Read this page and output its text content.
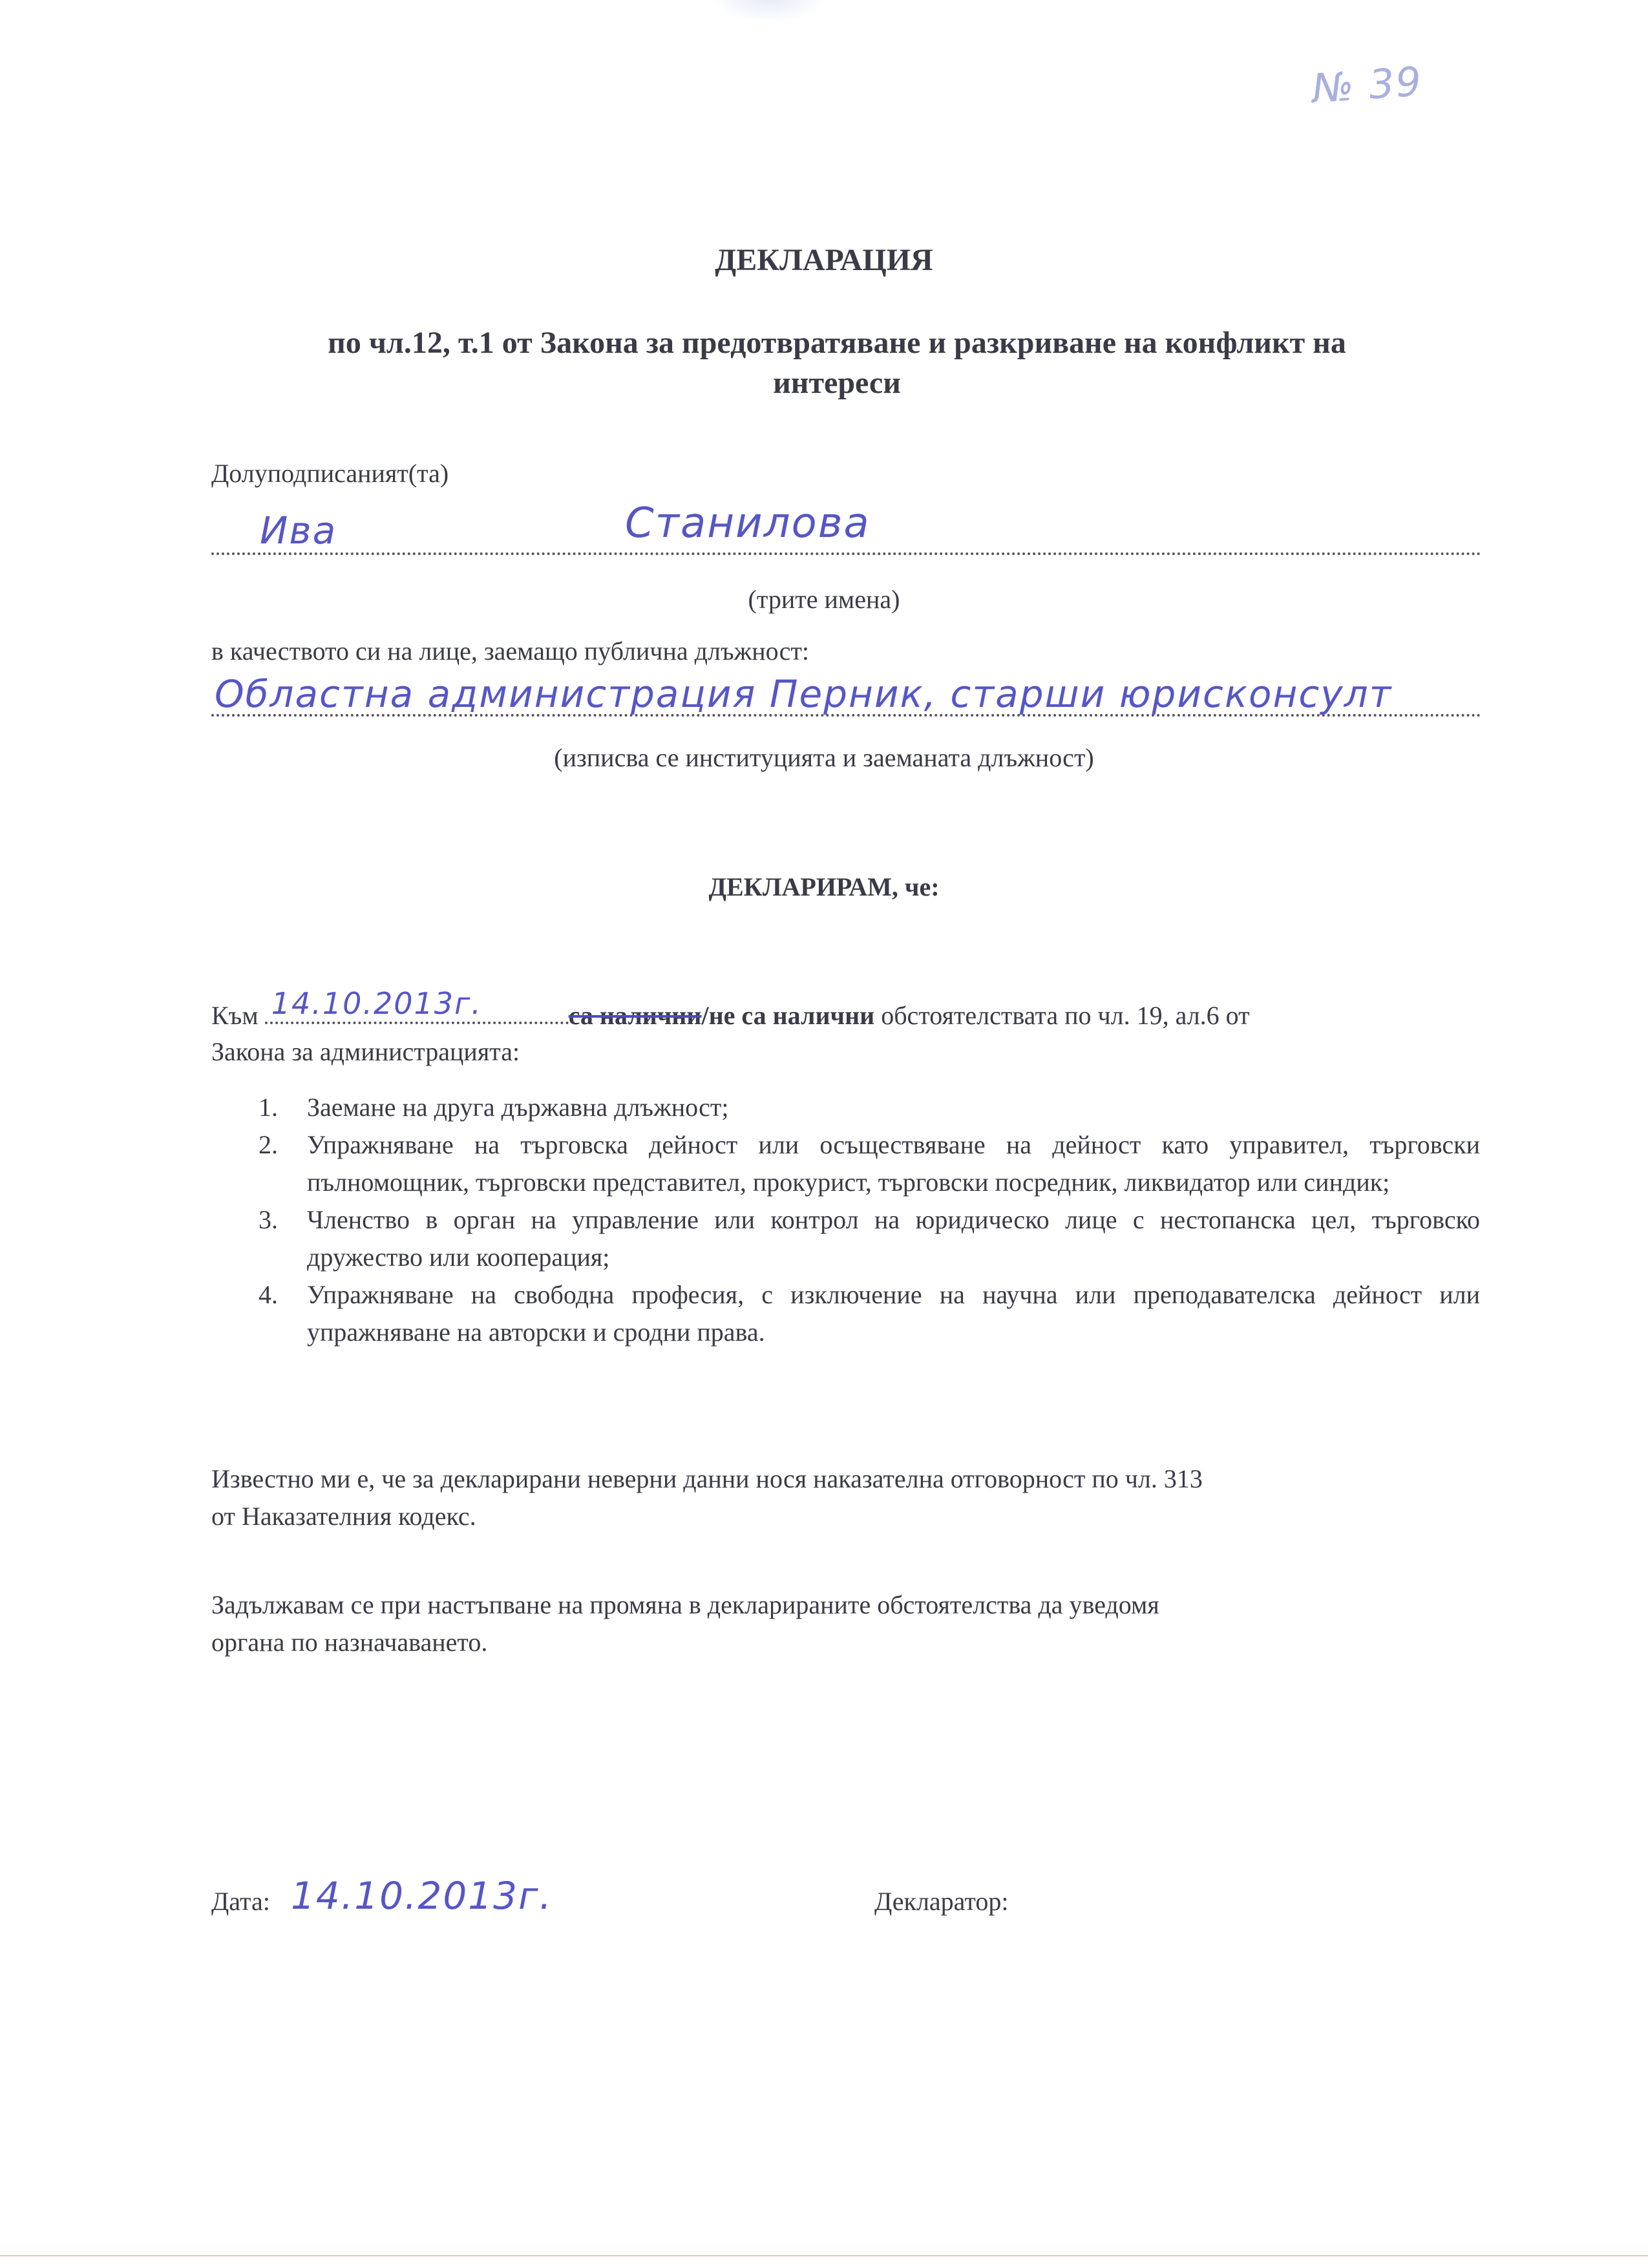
№ 39
ДЕКЛАРАЦИЯ
по чл.12, т.1 от Закона за предотвратяване и разкриване на конфликт на
интереси
Долуподписаният(та)
Ива	Станилова
(трите имена)
в качеството си на лице, заемащо публична длъжност:
Областна администрация Перник, старши юрисконсулт
(изписва се институцията и заеманата длъжност)
ДЕКЛАРИРАМ, че:
Към 14.10.2013г.	са налични/не са налични обстоятелствата по чл. 19, ал.6 от
Закона за администрацията:
1. Заемане на друга държавна длъжност;
2. Упражняване на търговска дейност или осъществяване на дейност като управител, търговски пълномощник, търговски представител, прокурист, търговски посредник, ликвидатор или синдик;
3. Членство в орган на управление или контрол на юридическо лице с нестопанска цел, търговско дружество или кооперация;
4. Упражняване на свободна професия, с изключение на научна или преподавателска дейност или упражняване на авторски и сродни права.
Известно ми е, че за декларирани неверни данни нося наказателна отговорност по чл. 313
от Наказателния кодекс.
Задължавам се при настъпване на промяна в декларираните обстоятелства да уведомя
органа по назначаването.
Дата: 14.10.2013г.	Декларатор:
